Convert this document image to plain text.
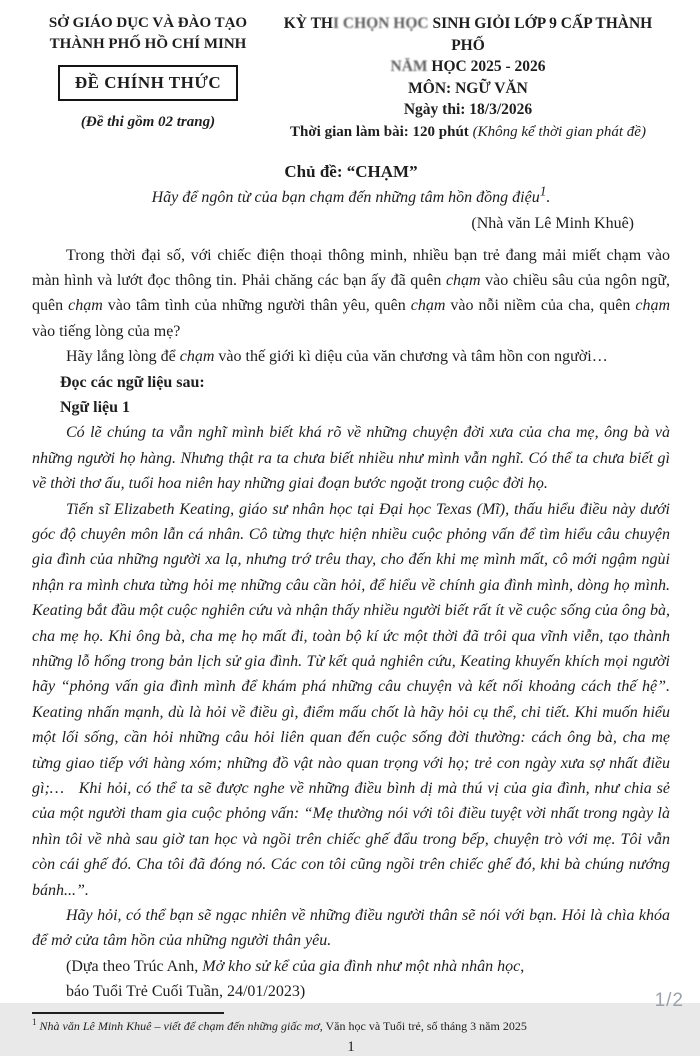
SỞ GIÁO DỤC VÀ ĐÀO TẠO
THÀNH PHỐ HỒ CHÍ MINH
ĐỀ CHÍNH THỨC
(Đề thi gồm 02 trang)
KỲ THI CHỌN HỌC SINH GIỎI LỚP 9 CẤP THÀNH PHỐ
NĂM HỌC 2025 - 2026
MÔN: NGỮ VĂN
Ngày thi: 18/3/2026
Thời gian làm bài: 120 phút (Không kể thời gian phát đề)
Chủ đề: “CHẠM”
Hãy để ngôn từ của bạn chạm đến những tâm hồn đồng điệu$^1$.
(Nhà văn Lê Minh Khuê)

Trong thời đại số, với chiếc điện thoại thông minh, nhiều bạn trẻ đang mải miết chạm vào màn hình và lướt đọc thông tin. Phải chăng các bạn ấy đã quên chạm vào chiều sâu của ngôn ngữ, quên chạm vào tâm tình của những người thân yêu, quên chạm vào nỗi niềm của cha, quên chạm vào tiếng lòng của mẹ?

Hãy lắng lòng để chạm vào thế giới kì diệu của văn chương và tâm hồn con người…

Đọc các ngữ liệu sau:

Ngữ liệu 1

Có lẽ chúng ta vẫn nghĩ mình biết khá rõ về những chuyện đời xưa của cha mẹ, ông bà và những người họ hàng. Nhưng thật ra ta chưa biết nhiều như mình vẫn nghĩ. Có thể ta chưa biết gì về thời thơ ấu, tuổi hoa niên hay những giai đoạn bước ngoặt trong cuộc đời họ.

Tiến sĩ Elizabeth Keating, giáo sư nhân học tại Đại học Texas (Mĩ), thấu hiểu điều này dưới góc độ chuyên môn lẫn cá nhân. Cô từng thực hiện nhiều cuộc phỏng vấn để tìm hiểu câu chuyện gia đình của những người xa lạ, nhưng trớ trêu thay, cho đến khi mẹ mình mất, cô mới ngậm ngùi nhận ra mình chưa từng hỏi mẹ những câu cần hỏi, để hiểu về chính gia đình mình, dòng họ mình. Keating bắt đầu một cuộc nghiên cứu và nhận thấy nhiều người biết rất ít về cuộc sống của ông bà, cha mẹ họ. Khi ông bà, cha mẹ họ mất đi, toàn bộ kí ức một thời đã trôi qua vĩnh viễn, tạo thành những lỗ hổng trong bản lịch sử gia đình. Từ kết quả nghiên cứu, Keating khuyến khích mọi người hãy “phỏng vấn gia đình mình để khám phá những câu chuyện và kết nối khoảng cách thế hệ”. Keating nhấn mạnh, dù là hỏi về điều gì, điểm mấu chốt là hãy hỏi cụ thể, chi tiết. Khi muốn hiểu một lối sống, cần hỏi những câu hỏi liên quan đến cuộc sống đời thường: cách ông bà, cha mẹ từng giao tiếp với hàng xóm; những đồ vật nào quan trọng với họ; trẻ con ngày xưa sợ nhất điều gì;…   Khi hỏi, có thể ta sẽ được nghe về những điều bình dị mà thú vị của gia đình, như chia sẻ của một người tham gia cuộc phỏng vấn: “Mẹ thường nói với tôi điều tuyệt vời nhất trong ngày là nhìn tôi về nhà sau giờ tan học và ngồi trên chiếc ghế đẩu trong bếp, chuyện trò với mẹ. Tôi vẫn còn cái ghế đó. Cha tôi đã đóng nó. Các con tôi cũng ngồi trên chiếc ghế đó, khi bà chúng nướng bánh...”.

Hãy hỏi, có thể bạn sẽ ngạc nhiên về những điều người thân sẽ nói với bạn. Hỏi là chìa khóa để mở cửa tâm hồn của những người thân yêu.

(Dựa theo Trúc Anh, Mở kho sử kể của gia đình như một nhà nhân học,

báo Tuổi Trẻ Cuối Tuần, 24/01/2023)

$^1$ Nhà văn Lê Minh Khuê – viết để chạm đến những giấc mơ, Văn học và Tuổi trẻ, số tháng 3 năm 2025
1
1/2
